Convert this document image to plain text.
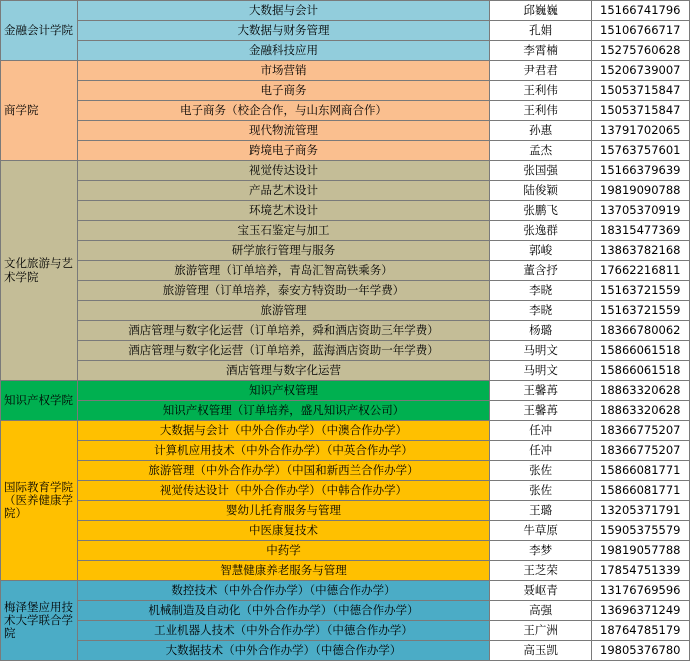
金融会计学院	大数据与会计	邱巍巍	15166741796
	大数据与财务管理	孔娟	15106766717
	金融科技应用	李霄楠	15275760628
商学院	市场营销	尹君君	15206739007
	电子商务	王利伟	15053715847
	电子商务（校企合作，与山东网商合作）	王利伟	15053715847
	现代物流管理	孙惠	13791702065
	跨境电子商务	孟杰	15763757601
文化旅游与艺术学院	视觉传达设计	张国强	15166379639
	产品艺术设计	陆俊颖	19819090788
	环境艺术设计	张鹏飞	13705370919
	宝玉石鉴定与加工	张逸群	18315477369
	研学旅行管理与服务	郭峻	13863782168
	旅游管理（订单培养，青岛汇智高铁乘务）	董含抒	17662216811
	旅游管理（订单培养，泰安方特资助一年学费）	李晓	15163721559
	旅游管理	李晓	15163721559
	酒店管理与数字化运营（订单培养，舜和酒店资助三年学费）	杨璐	18366780062
	酒店管理与数字化运营（订单培养，蓝海酒店资助一年学费）	马明文	15866061518
	酒店管理与数字化运营	马明文	15866061518
知识产权学院	知识产权管理	王馨苒	18863320628
	知识产权管理（订单培养，盛凡知识产权公司）	王馨苒	18863320628
国际教育学院（医养健康学院）	大数据与会计（中外合作办学）（中澳合作办学）	任冲	18366775207
	计算机应用技术（中外合作办学）（中英合作办学）	任冲	18366775207
	旅游管理（中外合作办学）（中国和新西兰合作办学）	张佐	15866081771
	视觉传达设计（中外合作办学）（中韩合作办学）	张佐	15866081771
	婴幼儿托育服务与管理	王璐	13205371791
	中医康复技术	牛草原	15905375579
	中药学	李梦	19819057788
	智慧健康养老服务与管理	王芝荣	17854751339
梅泽堡应用技术大学联合学院	数控技术（中外合作办学）（中德合作办学）	聂岖青	13176769596
	机械制造及自动化（中外合作办学）（中德合作办学）	高强	13696371249
	工业机器人技术（中外合作办学）（中德合作办学）	王广洲	18764785179
	大数据技术（中外合作办学）（中德合作办学）	高玉凯	19805376780
